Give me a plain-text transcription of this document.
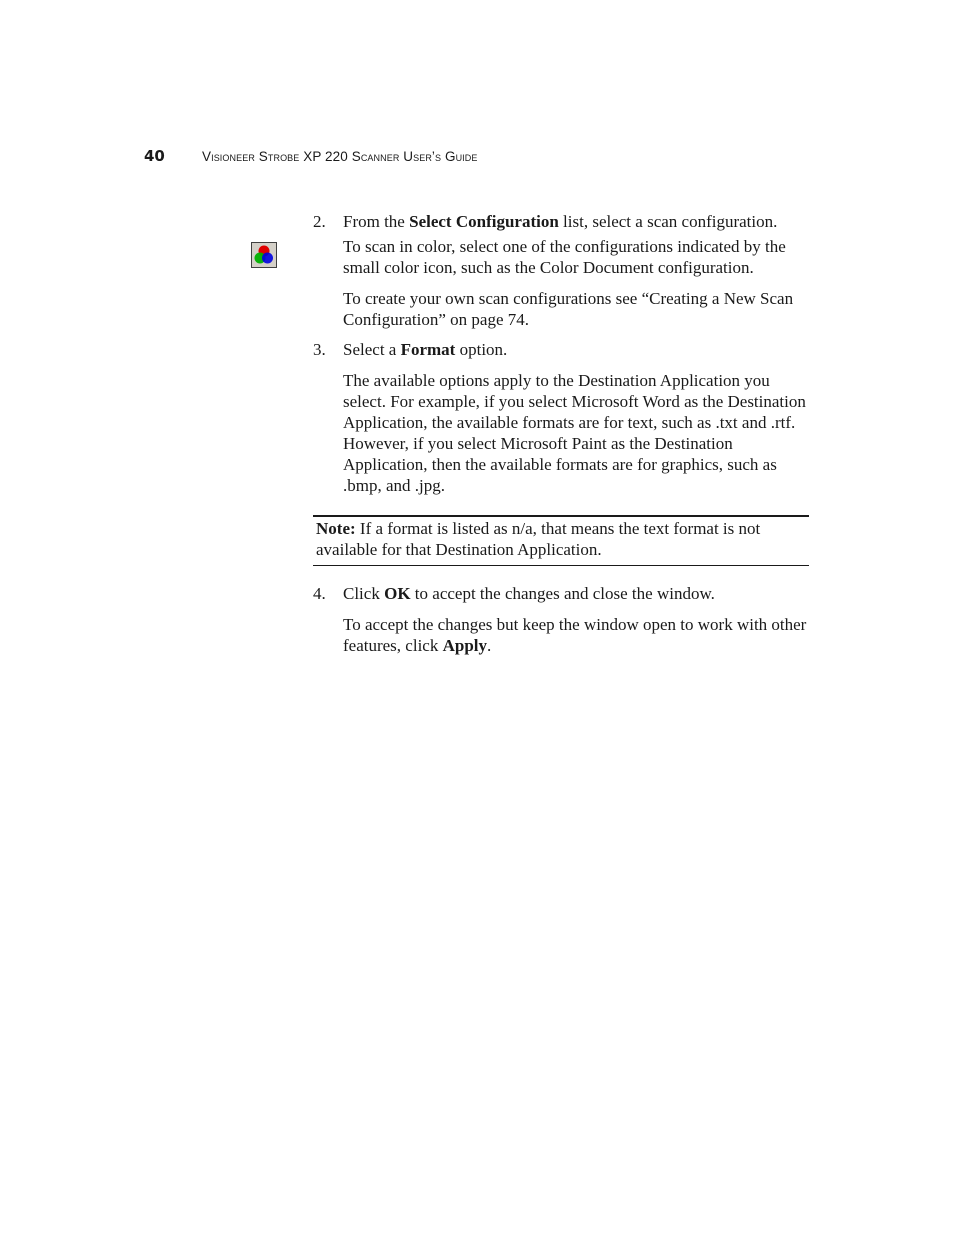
40	Visioneer Strobe XP 220 Scanner User’s Guide
2. From the Select Configuration list, select a scan configuration.
To scan in color, select one of the configurations indicated by the small color icon, such as the Color Document configuration.
To create your own scan configurations see “Creating a New Scan Configuration” on page 74.
3. Select a Format option.
The available options apply to the Destination Application you select. For example, if you select Microsoft Word as the Destination Application, the available formats are for text, such as .txt and .rtf. However, if you select Microsoft Paint as the Destination Application, then the available formats are for graphics, such as .bmp, and .jpg.
Note: If a format is listed as n/a, that means the text format is not available for that Destination Application.
4. Click OK to accept the changes and close the window.
To accept the changes but keep the window open to work with other features, click Apply.
